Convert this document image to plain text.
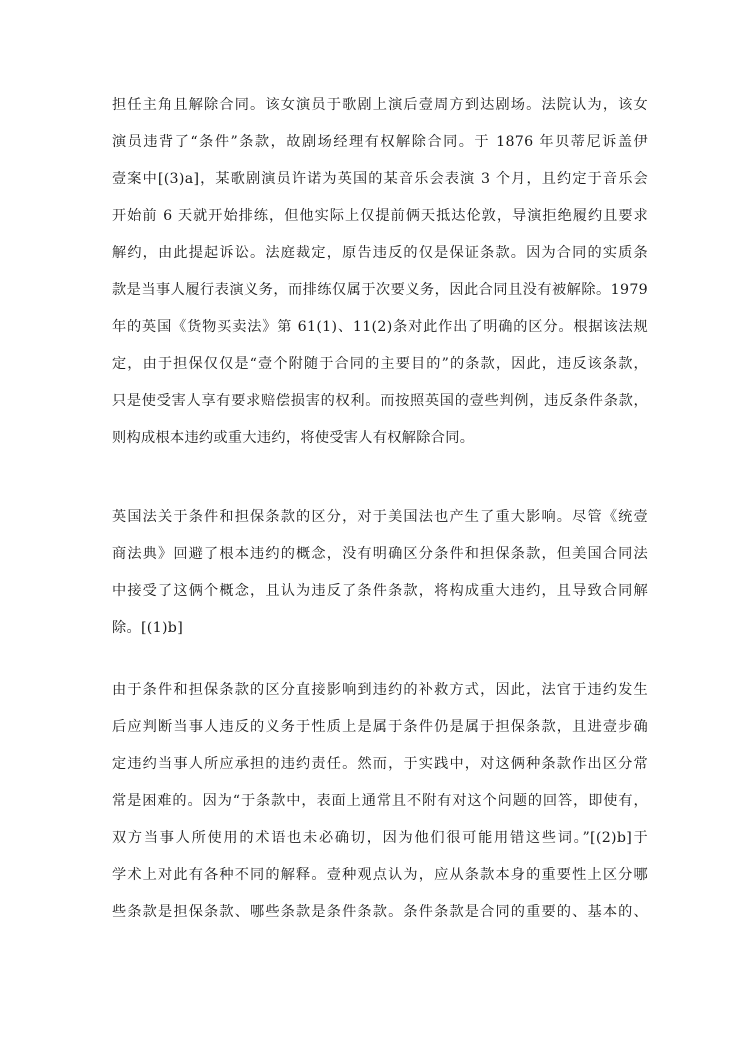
担任主角且解除合同。该女演员于歌剧上演后壹周方到达剧场。法院认为，该女
演员违背了“条件”条款，故剧场经理有权解除合同。于 1876 年贝蒂尼诉盖伊
壹案中[(3)a]，某歌剧演员许诺为英国的某音乐会表演 3 个月，且约定于音乐会
开始前 6 天就开始排练，但他实际上仅提前俩天抵达伦敦，导演拒绝履约且要求
解约，由此提起诉讼。法庭裁定，原告违反的仅是保证条款。因为合同的实质条
款是当事人履行表演义务，而排练仅属于次要义务，因此合同且没有被解除。1979
年的英国《货物买卖法》第 61(1)、11(2)条对此作出了明确的区分。根据该法规
定，由于担保仅仅是“壹个附随于合同的主要目的”的条款，因此，违反该条款，
只是使受害人享有要求赔偿损害的权利。而按照英国的壹些判例，违反条件条款，
则构成根本违约或重大违约，将使受害人有权解除合同。
英国法关于条件和担保条款的区分，对于美国法也产生了重大影响。尽管《统壹
商法典》回避了根本违约的概念，没有明确区分条件和担保条款，但美国合同法
中接受了这俩个概念，且认为违反了条件条款，将构成重大违约，且导致合同解
除。[(1)b]
由于条件和担保条款的区分直接影响到违约的补救方式，因此，法官于违约发生
后应判断当事人违反的义务于性质上是属于条件仍是属于担保条款，且进壹步确
定违约当事人所应承担的违约责任。然而，于实践中，对这俩种条款作出区分常
常是困难的。因为“于条款中，表面上通常且不附有对这个问题的回答，即使有，
双方当事人所使用的术语也未必确切，因为他们很可能用错这些词。”[(2)b]于
学术上对此有各种不同的解释。壹种观点认为，应从条款本身的重要性上区分哪
些条款是担保条款、哪些条款是条件条款。条件条款是合同的重要的、基本的、
